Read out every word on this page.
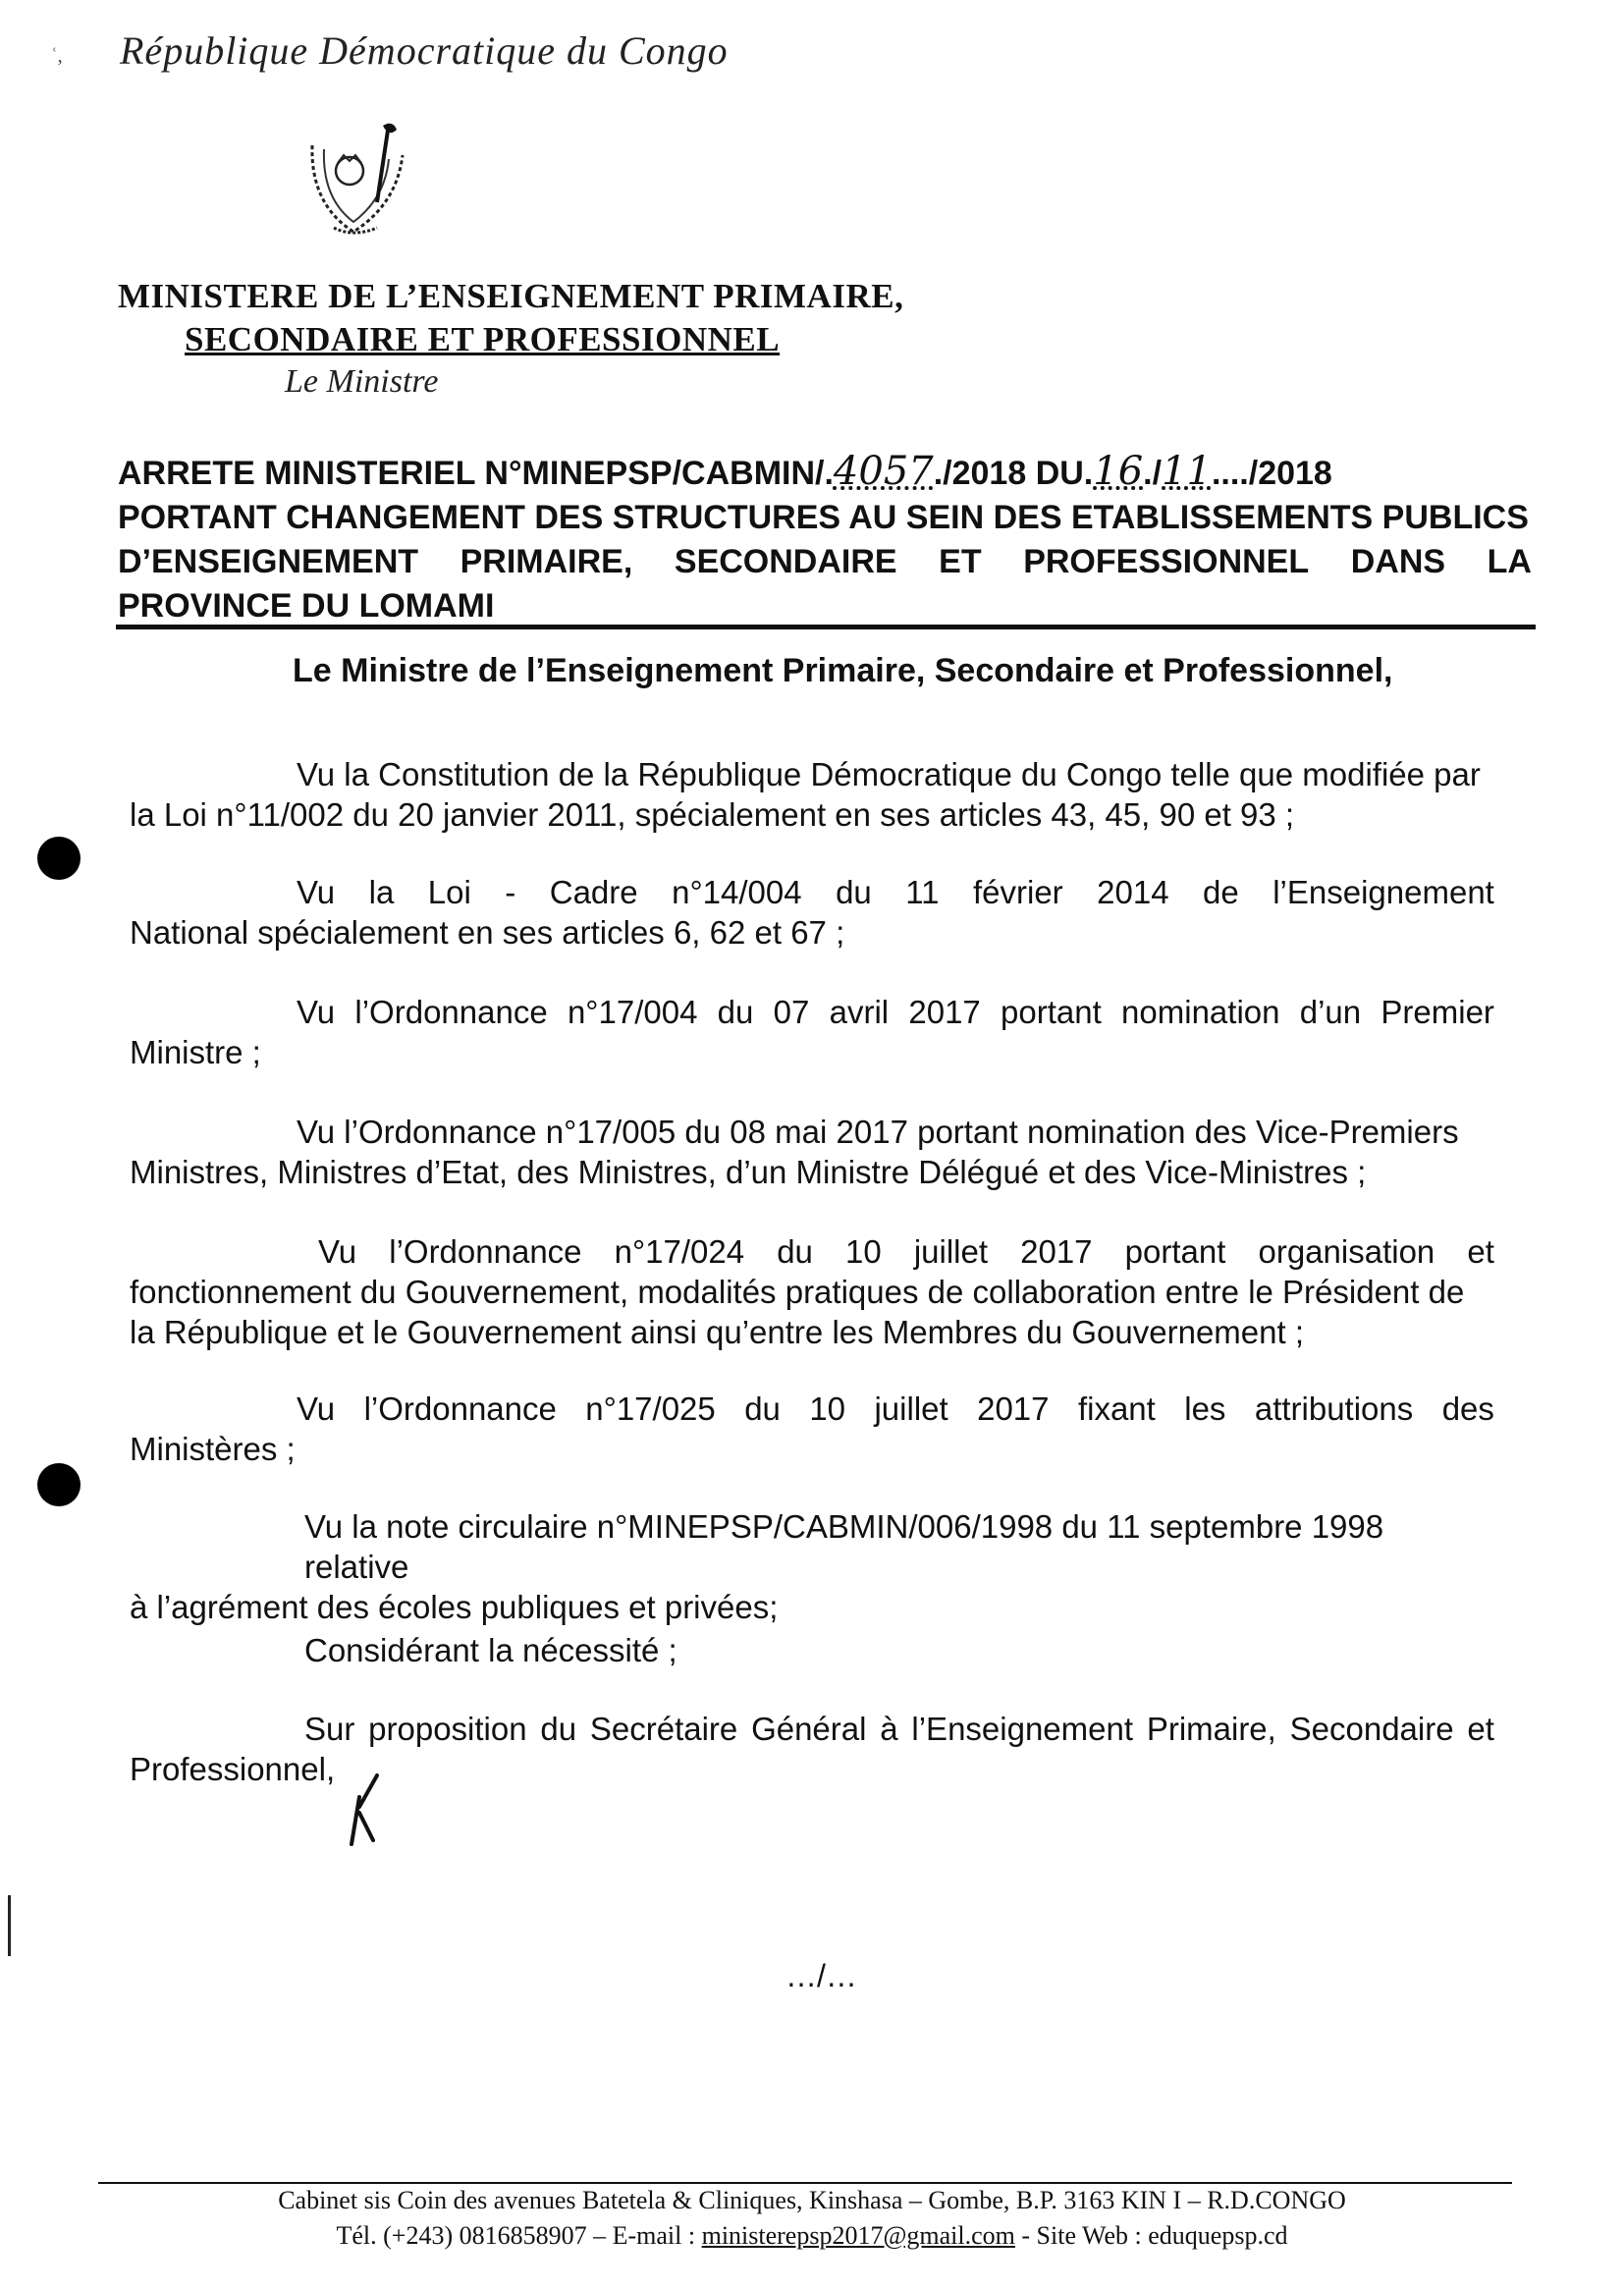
ʿ, République Démocratique du Congo
MINISTERE DE L’ENSEIGNEMENT PRIMAIRE,
SECONDAIRE ET PROFESSIONNEL
Le Ministre
ARRETE MINISTERIEL N°MINEPSP/CABMIN/.4057./2018 DU.16./11..../2018
PORTANT CHANGEMENT DES STRUCTURES AU SEIN DES ETABLISSEMENTS PUBLICS
D’ENSEIGNEMENT PRIMAIRE, SECONDAIRE ET PROFESSIONNEL DANS LA
PROVINCE DU LOMAMI
Le Ministre de l’Enseignement Primaire, Secondaire et Professionnel,
Vu la Constitution de la République Démocratique du Congo telle que modifiée par
la Loi n°11/002 du 20 janvier 2011, spécialement en ses articles 43, 45, 90 et 93 ;
Vu la Loi - Cadre n°14/004 du 11 février 2014 de l’Enseignement
National spécialement en ses articles 6, 62 et 67 ;
Vu l’Ordonnance n°17/004 du 07 avril 2017 portant nomination d’un Premier
Ministre ;
Vu l’Ordonnance n°17/005 du 08 mai 2017 portant nomination des Vice-Premiers
Ministres, Ministres d’Etat, des Ministres, d’un Ministre Délégué et des Vice-Ministres ;
Vu l’Ordonnance n°17/024 du 10 juillet 2017 portant organisation et
fonctionnement du Gouvernement, modalités pratiques de collaboration entre le Président de
la République et le Gouvernement ainsi qu’entre les Membres du Gouvernement ;
Vu l’Ordonnance n°17/025 du 10 juillet 2017 fixant les attributions des
Ministères ;
Vu la note circulaire n°MINEPSP/CABMIN/006/1998 du 11 septembre 1998 relative
à l’agrément des écoles publiques et privées;
Considérant la nécessité ;
Sur proposition du Secrétaire Général à l’Enseignement Primaire, Secondaire et
Professionnel,
…/…
Cabinet sis Coin des avenues Batetela & Cliniques, Kinshasa – Gombe, B.P. 3163 KIN I – R.D.CONGO
Tél. (+243) 0816858907 – E-mail : ministerepsp2017@gmail.com - Site Web : eduquepsp.cd
